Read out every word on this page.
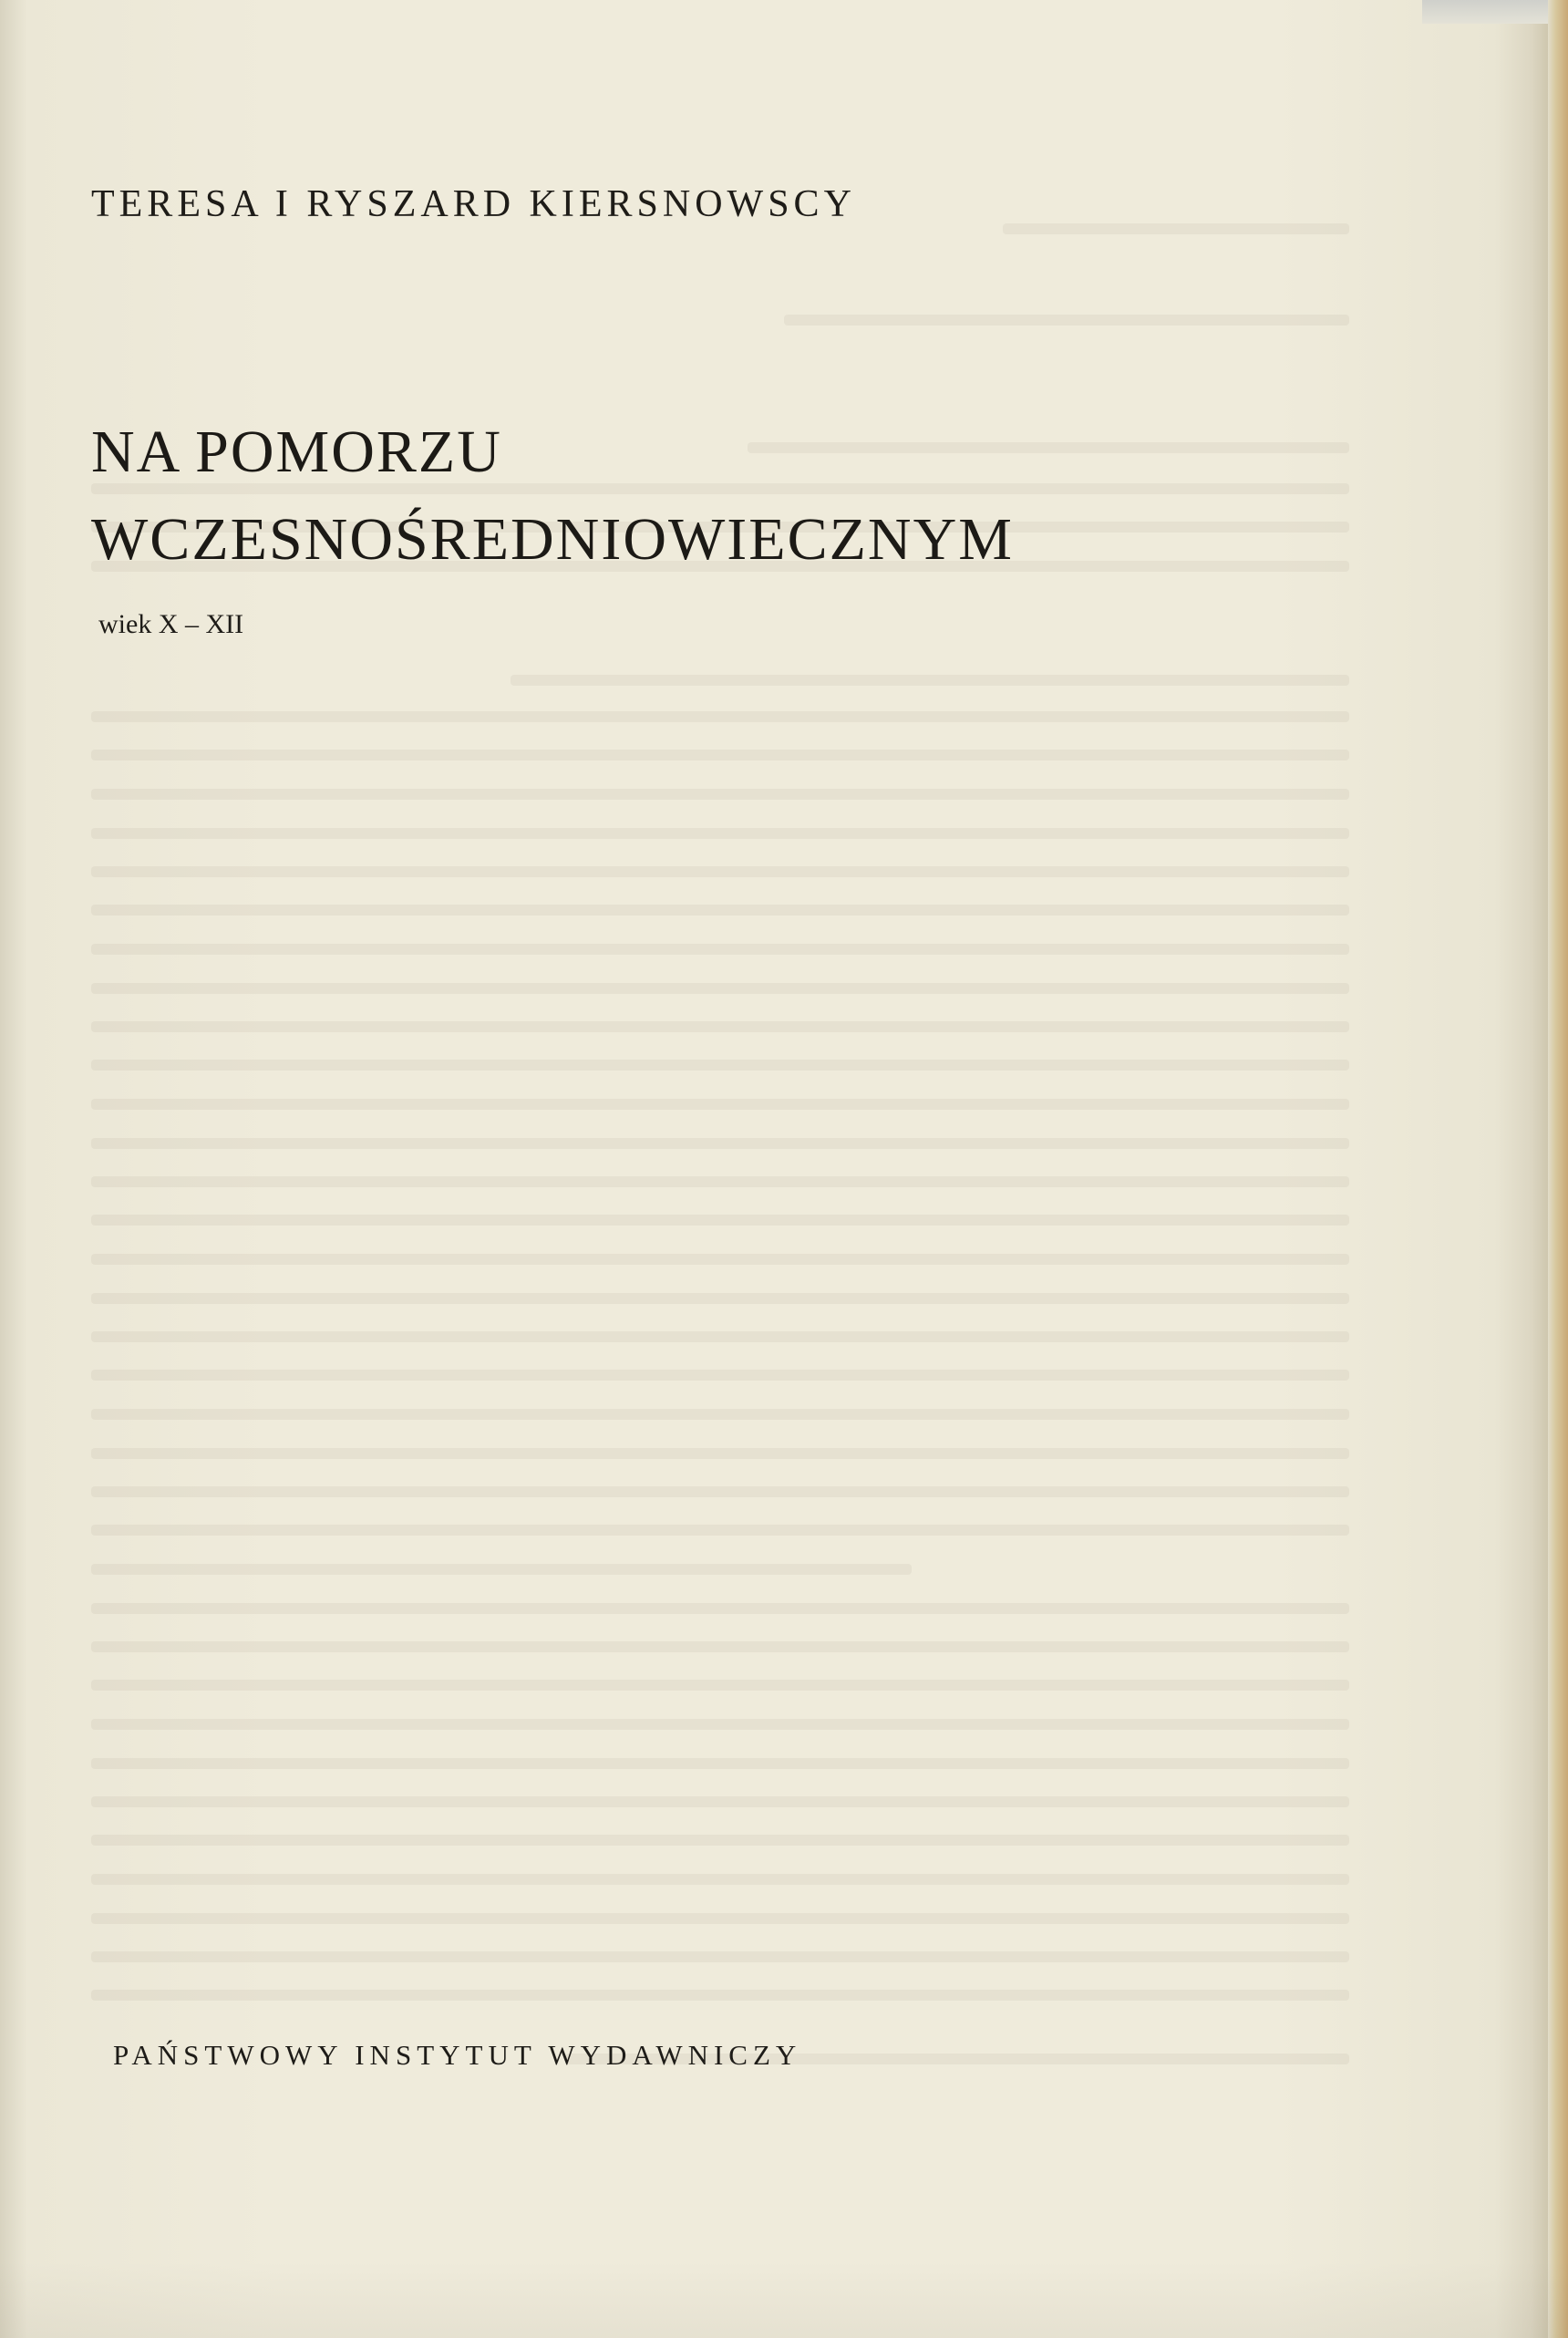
TERESA I RYSZARD KIERSNOWSCY
NA POMORZU
WCZESNOŚREDNIOWIECZNYM
wiek X – XII
PAŃSTWOWY INSTYTUT WYDAWNICZY
